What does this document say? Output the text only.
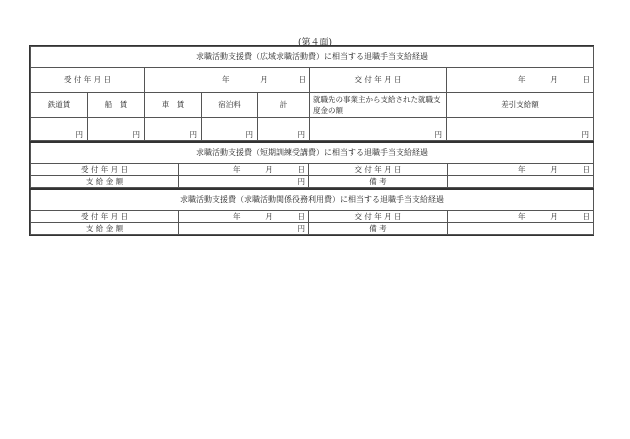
(第４面)
求職活動支援費（広域求職活動費）に相当する退職手当支給経過						
受 付 年 月 日		年 月 日			交 付 年 月 日	年 月 日
鉄道賃	船　賃	車　賃	宿泊料	計	就職先の事業主から支給された就職支度金の額	差引支給額
円	円	円	円	円	円	円
求職活動支援費（短期訓練受講費）に相当する退職手当支給経過			
受 付 年 月 日	年 月 日	交 付 年 月 日	年 月 日
支 給 金 額	円	備 考	
求職活動支援費（求職活動関係役務利用費）に相当する退職手当支給経過			
受 付 年 月 日	年 月 日	交 付 年 月 日	年 月 日
支 給 金 額	円	備 考	
